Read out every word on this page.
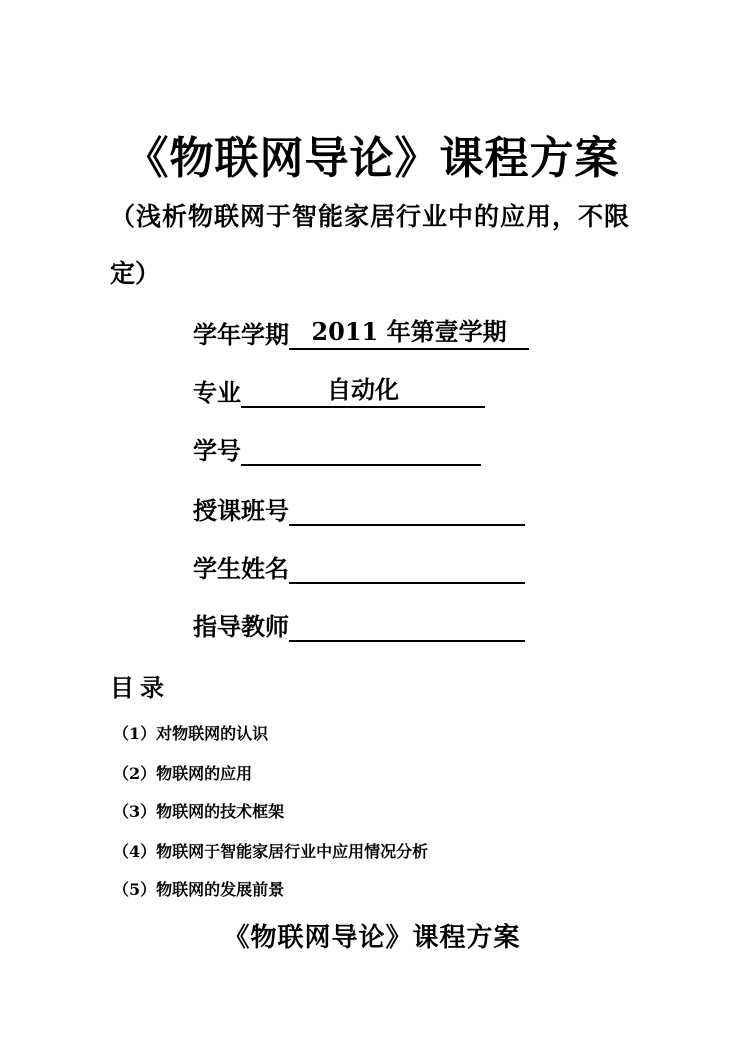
《物联网导论》课程方案
（浅析物联网于智能家居行业中的应用，不限
定）
学年学期 2011 年第壹学期
专业	自动化
学号
授课班号
学生姓名
指导教师
目录
（1）对物联网的认识
（2）物联网的应用
（3）物联网的技术框架
（4）物联网于智能家居行业中应用情况分析
（5）物联网的发展前景
《物联网导论》课程方案
